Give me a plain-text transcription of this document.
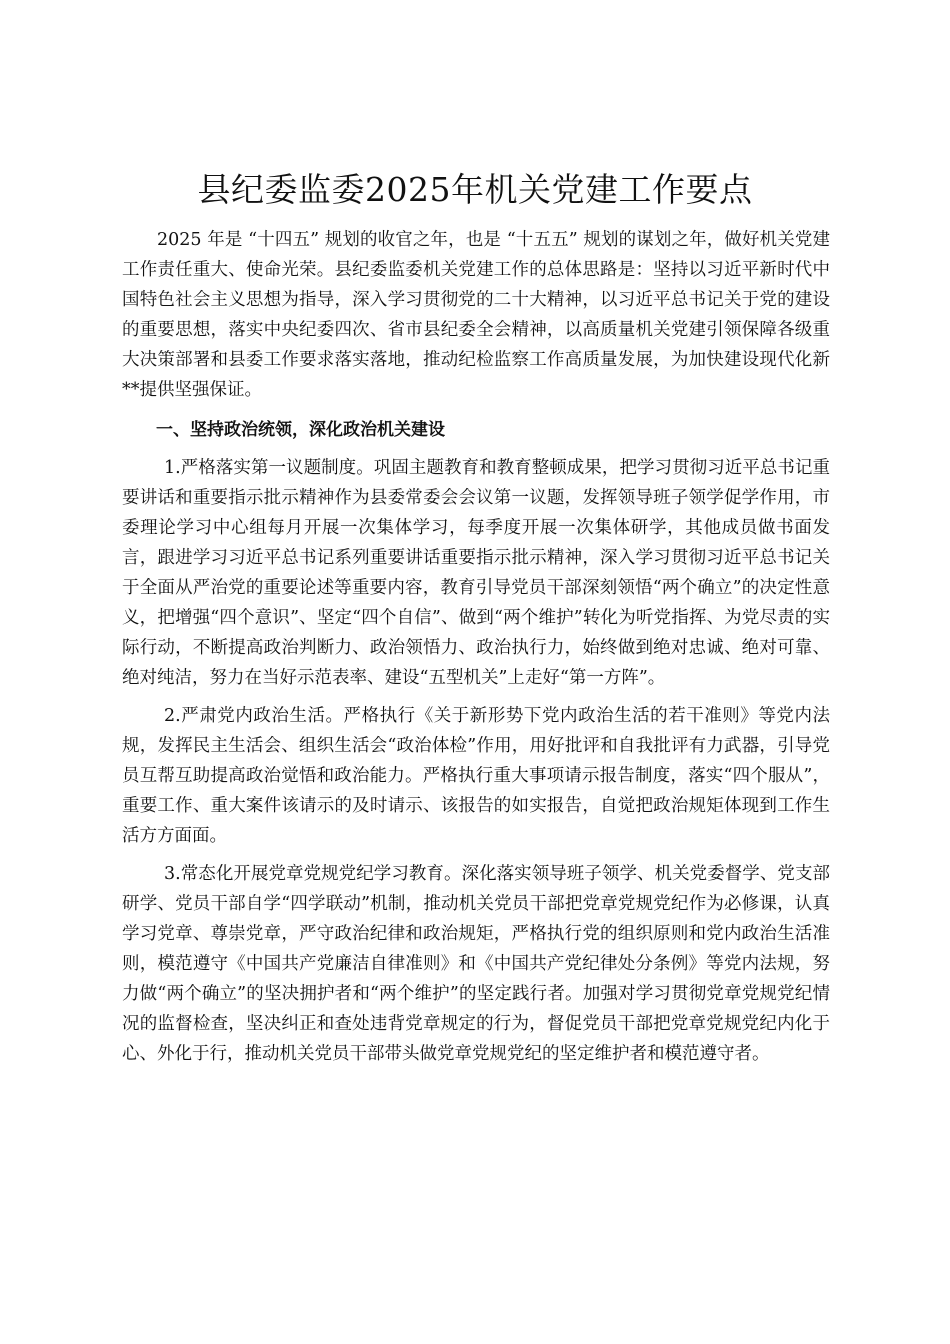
县纪委监委2025年机关党建工作要点

2025 年是 “十四五” 规划的收官之年，也是 “十五五” 规划的谋划之年，做好机关党建工作责任重大、使命光荣。县纪委监委机关党建工作的总体思路是：坚持以习近平新时代中国特色社会主义思想为指导，深入学习贯彻党的二十大精神，以习近平总书记关于党的建设的重要思想，落实中央纪委四次、省市县纪委全会精神，以高质量机关党建引领保障各级重大决策部署和县委工作要求落实落地，推动纪检监察工作高质量发展，为加快建设现代化新**提供坚强保证。

一、坚持政治统领，深化政治机关建设

1.严格落实第一议题制度。巩固主题教育和教育整顿成果，把学习贯彻习近平总书记重要讲话和重要指示批示精神作为县委常委会会议第一议题，发挥领导班子领学促学作用，市委理论学习中心组每月开展一次集体学习，每季度开展一次集体研学，其他成员做书面发言，跟进学习习近平总书记系列重要讲话重要指示批示精神，深入学习贯彻习近平总书记关于全面从严治党的重要论述等重要内容，教育引导党员干部深刻领悟“两个确立”的决定性意义，把增强“四个意识”、坚定“四个自信”、做到“两个维护”转化为听党指挥、为党尽责的实际行动，不断提高政治判断力、政治领悟力、政治执行力，始终做到绝对忠诚、绝对可靠、绝对纯洁，努力在当好示范表率、建设“五型机关”上走好“第一方阵”。

2.严肃党内政治生活。严格执行《关于新形势下党内政治生活的若干准则》等党内法规，发挥民主生活会、组织生活会“政治体检”作用，用好批评和自我批评有力武器，引导党员互帮互助提高政治觉悟和政治能力。严格执行重大事项请示报告制度，落实“四个服从”，重要工作、重大案件该请示的及时请示、该报告的如实报告，自觉把政治规矩体现到工作生活方方面面。

3.常态化开展党章党规党纪学习教育。深化落实领导班子领学、机关党委督学、党支部研学、党员干部自学“四学联动”机制，推动机关党员干部把党章党规党纪作为必修课，认真学习党章、尊崇党章，严守政治纪律和政治规矩，严格执行党的组织原则和党内政治生活准则，模范遵守《中国共产党廉洁自律准则》和《中国共产党纪律处分条例》等党内法规，努力做“两个确立”的坚决拥护者和“两个维护”的坚定践行者。加强对学习贯彻党章党规党纪情况的监督检查，坚决纠正和查处违背党章规定的行为，督促党员干部把党章党规党纪内化于心、外化于行，推动机关党员干部带头做党章党规党纪的坚定维护者和模范遵守者。
